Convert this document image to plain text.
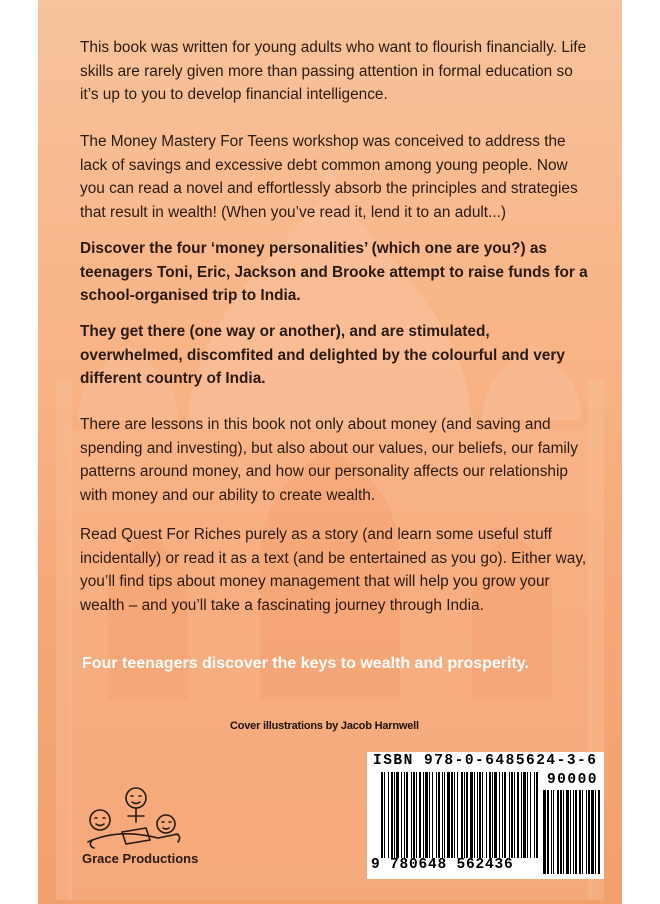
This book was written for young adults who want to flourish financially. Life skills are rarely given more than passing attention in formal education so it’s up to you to develop financial intelligence.

The Money Mastery For Teens workshop was conceived to address the lack of savings and excessive debt common among young people. Now you can read a novel and effortlessly absorb the principles and strategies that result in wealth! (When you’ve read it, lend it to an adult...)

Discover the four ‘money personalities’ (which one are you?) as teenagers Toni, Eric, Jackson and Brooke attempt to raise funds for a school-organised trip to India.

They get there (one way or another), and are stimulated, overwhelmed, discomfited and delighted by the colourful and very different country of India.

There are lessons in this book not only about money (and saving and spending and investing), but also about our values, our beliefs, our family patterns around money, and how our personality affects our relationship with money and our ability to create wealth.

Read Quest For Riches purely as a story (and learn some useful stuff incidentally) or read it as a text (and be entertained as you go). Either way, you’ll find tips about money management that will help you grow your wealth – and you’ll take a fascinating journey through India.

Four teenagers discover the keys to wealth and prosperity.

Cover illustrations by Jacob Harnwell
Grace Productions
ISBN 978-0-6485624-3-6
90000
9 780648 562436
